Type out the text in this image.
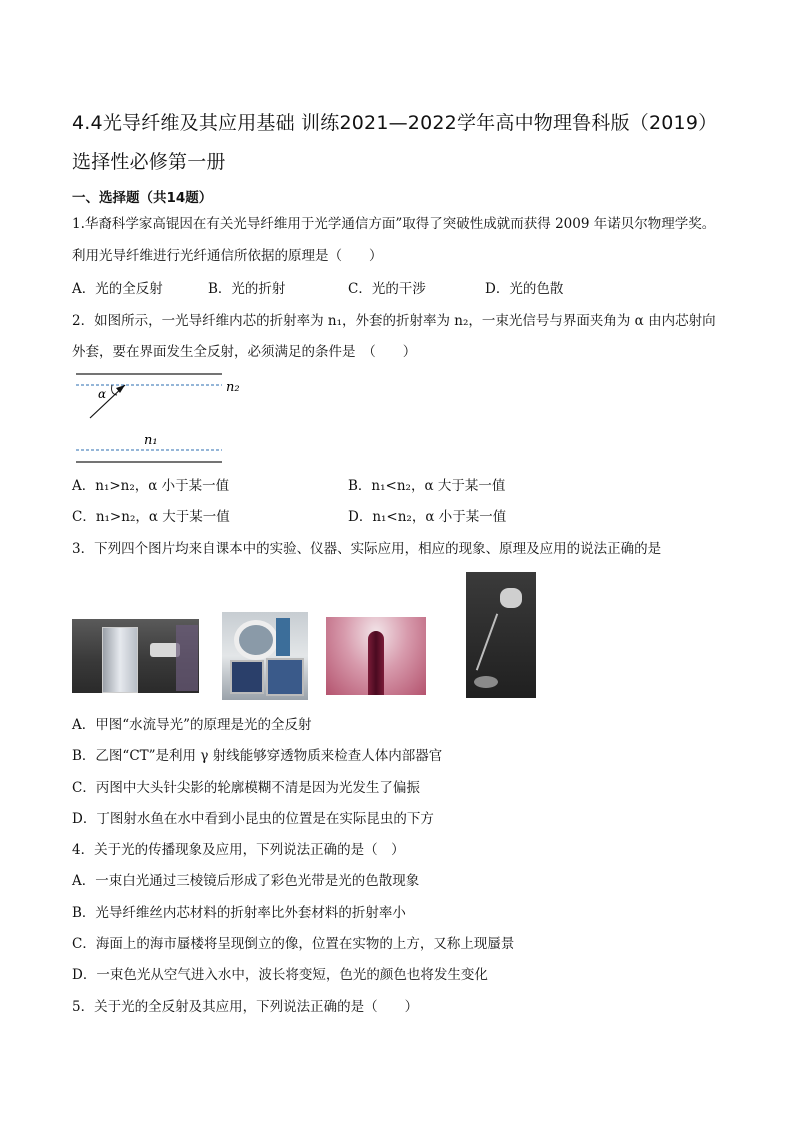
4.4光导纤维及其应用基础 训练2021—2022学年高中物理鲁科版（2019）
选择性必修第一册
一、选择题（共14题）
1.华裔科学家高锟因在有关光导纤维用于光学通信方面”取得了突破性成就而获得 2009 年诺贝尔物理学奖。
利用光导纤维进行光纤通信所依据的原理是（　　）
A．光的全反射	B．光的折射	C．光的干涉	D．光的色散
2．如图所示，一光导纤维内芯的折射率为 n₁，外套的折射率为 n₂，一束光信号与界面夹角为 α 由内芯射向
外套，要在界面发生全反射，必须满足的条件是　（　　）
α	n₂
n₁
A．n₁>n₂，α 小于某一值	B．n₁<n₂，α 大于某一值
C．n₁>n₂，α 大于某一值	D．n₁<n₂，α 小于某一值
3．下列四个图片均来自课本中的实验、仪器、实际应用，相应的现象、原理及应用的说法正确的是
A．甲图“水流导光”的原理是光的全反射
B．乙图“CT”是利用 γ 射线能够穿透物质来检查人体内部器官
C．丙图中大头针尖影的轮廓模糊不清是因为光发生了偏振
D．丁图射水鱼在水中看到小昆虫的位置是在实际昆虫的下方
4．关于光的传播现象及应用，下列说法正确的是（　）
A．一束白光通过三棱镜后形成了彩色光带是光的色散现象
B．光导纤维丝内芯材料的折射率比外套材料的折射率小
C．海面上的海市蜃楼将呈现倒立的像，位置在实物的上方，又称上现蜃景
D．一束色光从空气进入水中，波长将变短，色光的颜色也将发生变化
5．关于光的全反射及其应用，下列说法正确的是（　　）
